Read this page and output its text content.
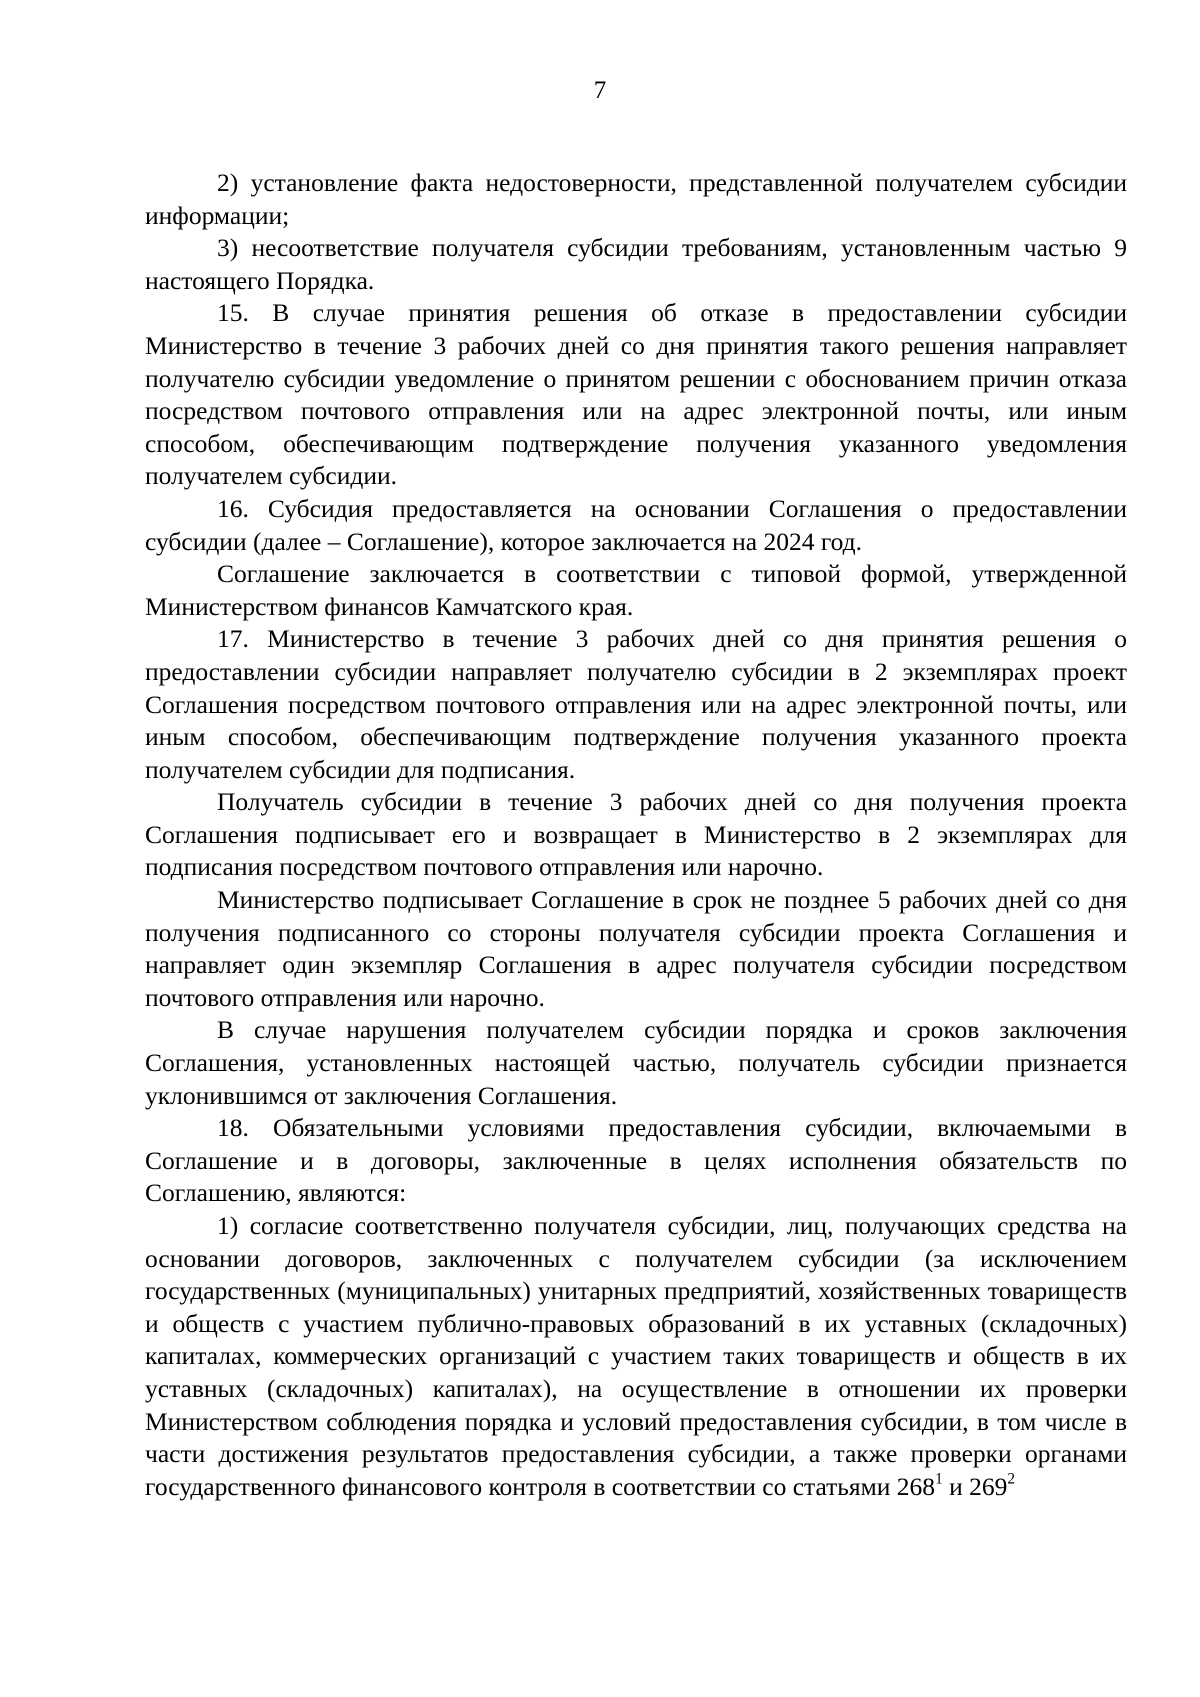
7

2) установление факта недостоверности, представленной получателем субсидии информации;

3) несоответствие получателя субсидии требованиям, установленным частью 9 настоящего Порядка.

15. В случае принятия решения об отказе в предоставлении субсидии Министерство в течение 3 рабочих дней со дня принятия такого решения направляет получателю субсидии уведомление о принятом решении с обоснованием причин отказа посредством почтового отправления или на адрес электронной почты, или иным способом, обеспечивающим подтверждение получения указанного уведомления получателем субсидии.

16. Субсидия предоставляется на основании Соглашения о предоставлении субсидии (далее – Соглашение), которое заключается на 2024 год.

Соглашение заключается в соответствии с типовой формой, утвержденной Министерством финансов Камчатского края.

17. Министерство в течение 3 рабочих дней со дня принятия решения о предоставлении субсидии направляет получателю субсидии в 2 экземплярах проект Соглашения посредством почтового отправления или на адрес электронной почты, или иным способом, обеспечивающим подтверждение получения указанного проекта получателем субсидии для подписания.

Получатель субсидии в течение 3 рабочих дней со дня получения проекта Соглашения подписывает его и возвращает в Министерство в 2 экземплярах для подписания посредством почтового отправления или нарочно.

Министерство подписывает Соглашение в срок не позднее 5 рабочих дней со дня получения подписанного со стороны получателя субсидии проекта Соглашения и направляет один экземпляр Соглашения в адрес получателя субсидии посредством почтового отправления или нарочно.

В случае нарушения получателем субсидии порядка и сроков заключения Соглашения, установленных настоящей частью, получатель субсидии признается уклонившимся от заключения Соглашения.

18. Обязательными условиями предоставления субсидии, включаемыми в Соглашение и в договоры, заключенные в целях исполнения обязательств по Соглашению, являются:

1) согласие соответственно получателя субсидии, лиц, получающих средства на основании договоров, заключенных с получателем субсидии (за исключением государственных (муниципальных) унитарных предприятий, хозяйственных товариществ и обществ с участием публично-правовых образований в их уставных (складочных) капиталах, коммерческих организаций с участием таких товариществ и обществ в их уставных (складочных) капиталах), на осуществление в отношении их проверки Министерством соблюдения порядка и условий предоставления субсидии, в том числе в части достижения результатов предоставления субсидии, а также проверки органами государственного финансового контроля в соответствии со статьями $268^1$ и $269^2$
